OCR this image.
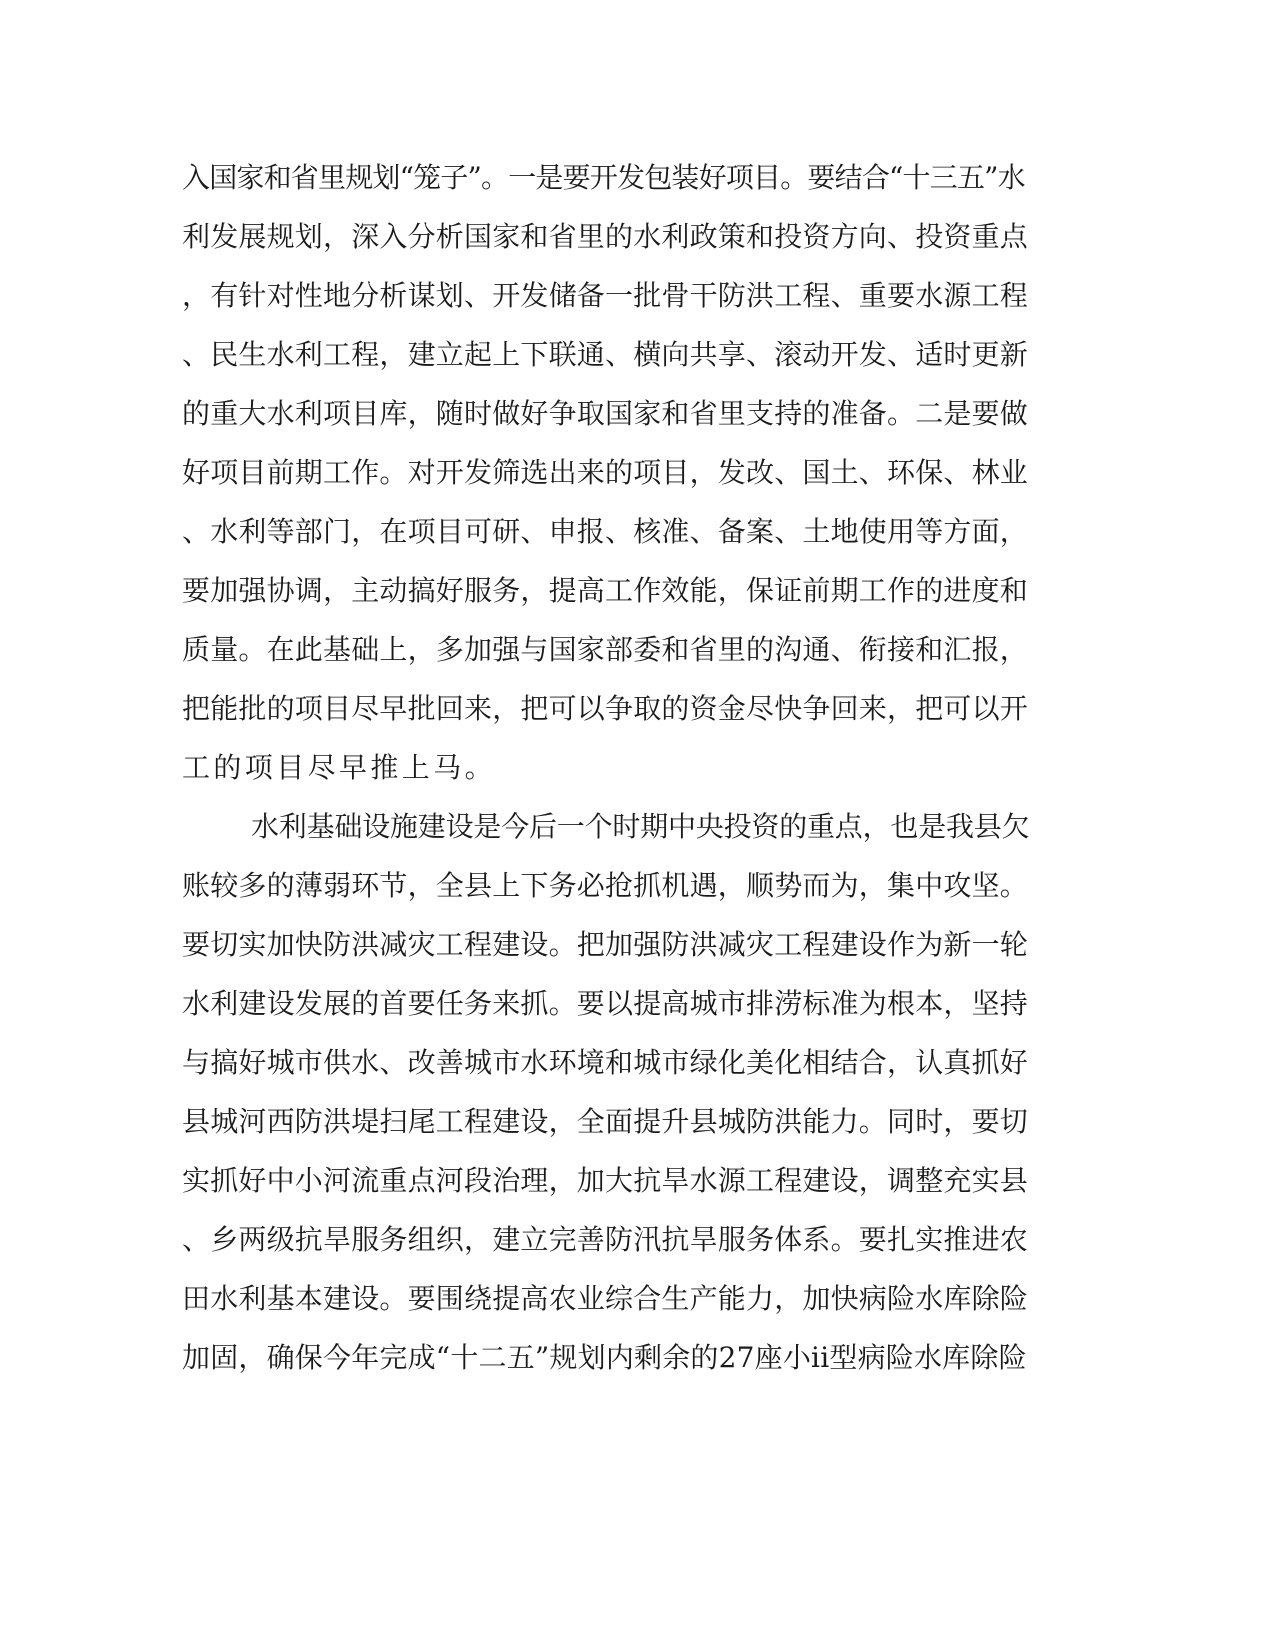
入国家和省里规划“笼子”。一是要开发包装好项目。要结合“十三五”水
利发展规划，深入分析国家和省里的水利政策和投资方向、投资重点
，有针对性地分析谋划、开发储备一批骨干防洪工程、重要水源工程
、民生水利工程，建立起上下联通、横向共享、滚动开发、适时更新
的重大水利项目库，随时做好争取国家和省里支持的准备。二是要做
好项目前期工作。对开发筛选出来的项目，发改、国土、环保、林业
、水利等部门，在项目可研、申报、核准、备案、土地使用等方面，
要加强协调，主动搞好服务，提高工作效能，保证前期工作的进度和
质量。在此基础上，多加强与国家部委和省里的沟通、衔接和汇报，
把能批的项目尽早批回来，把可以争取的资金尽快争回来，把可以开
工的项目尽早推上马。
水利基础设施建设是今后一个时期中央投资的重点，也是我县欠
账较多的薄弱环节，全县上下务必抢抓机遇，顺势而为，集中攻坚。
要切实加快防洪减灾工程建设。把加强防洪减灾工程建设作为新一轮
水利建设发展的首要任务来抓。要以提高城市排涝标准为根本，坚持
与搞好城市供水、改善城市水环境和城市绿化美化相结合，认真抓好
县城河西防洪堤扫尾工程建设，全面提升县城防洪能力。同时，要切
实抓好中小河流重点河段治理，加大抗旱水源工程建设，调整充实县
、乡两级抗旱服务组织，建立完善防汛抗旱服务体系。要扎实推进农
田水利基本建设。要围绕提高农业综合生产能力，加快病险水库除险
加固，确保今年完成“十二五”规划内剩余的27座小ii型病险水库除险
